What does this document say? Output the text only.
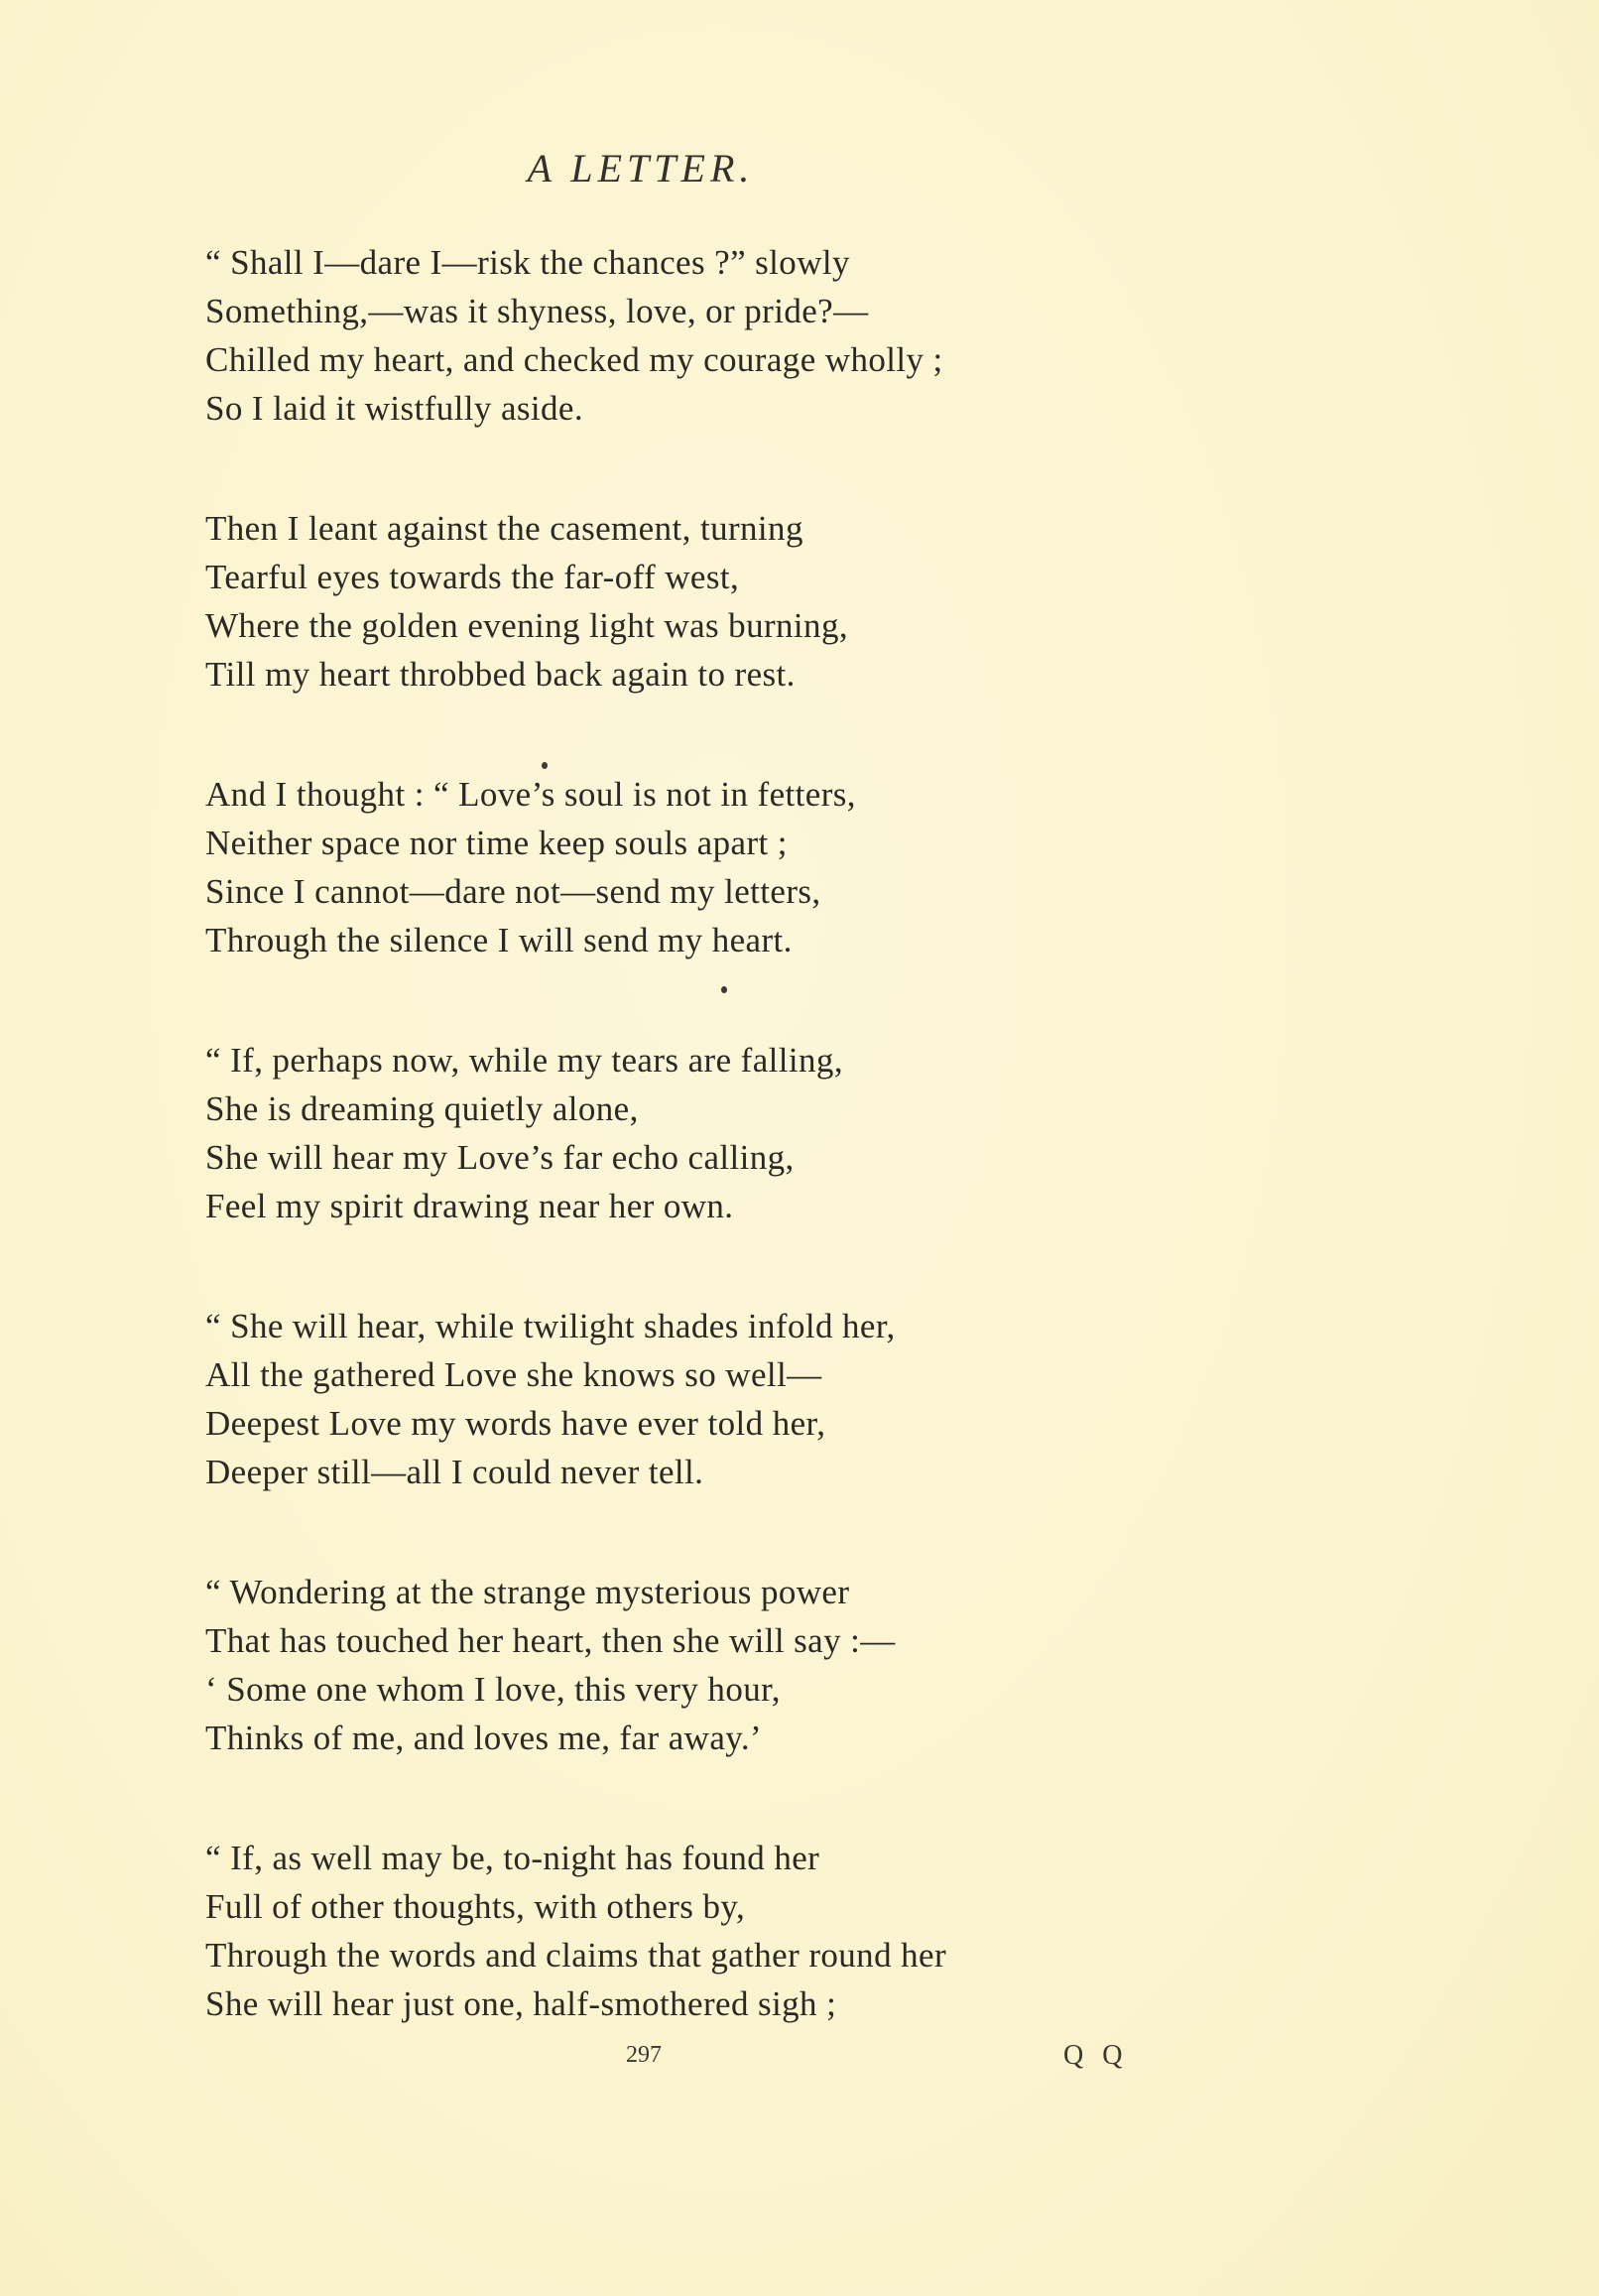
A LETTER.
“ Shall I—dare I—risk the chances ?” slowly
Something,—was it shyness, love, or pride?—
Chilled my heart, and checked my courage wholly ;
So I laid it wistfully aside.
Then I leant against the casement, turning
Tearful eyes towards the far-off west,
Where the golden evening light was burning,
Till my heart throbbed back again to rest.
And I thought : “ Love’s soul is not in fetters,
Neither space nor time keep souls apart ;
Since I cannot—dare not—send my letters,
Through the silence I will send my heart.
“ If, perhaps now, while my tears are falling,
She is dreaming quietly alone,
She will hear my Love’s far echo calling,
Feel my spirit drawing near her own.
“ She will hear, while twilight shades infold her,
All the gathered Love she knows so well—
Deepest Love my words have ever told her,
Deeper still—all I could never tell.
“ Wondering at the strange mysterious power
That has touched her heart, then she will say :—
‘ Some one whom I love, this very hour,
Thinks of me, and loves me, far away.’
“ If, as well may be, to-night has found her
Full of other thoughts, with others by,
Through the words and claims that gather round her
She will hear just one, half-smothered sigh ;
297	Q Q
